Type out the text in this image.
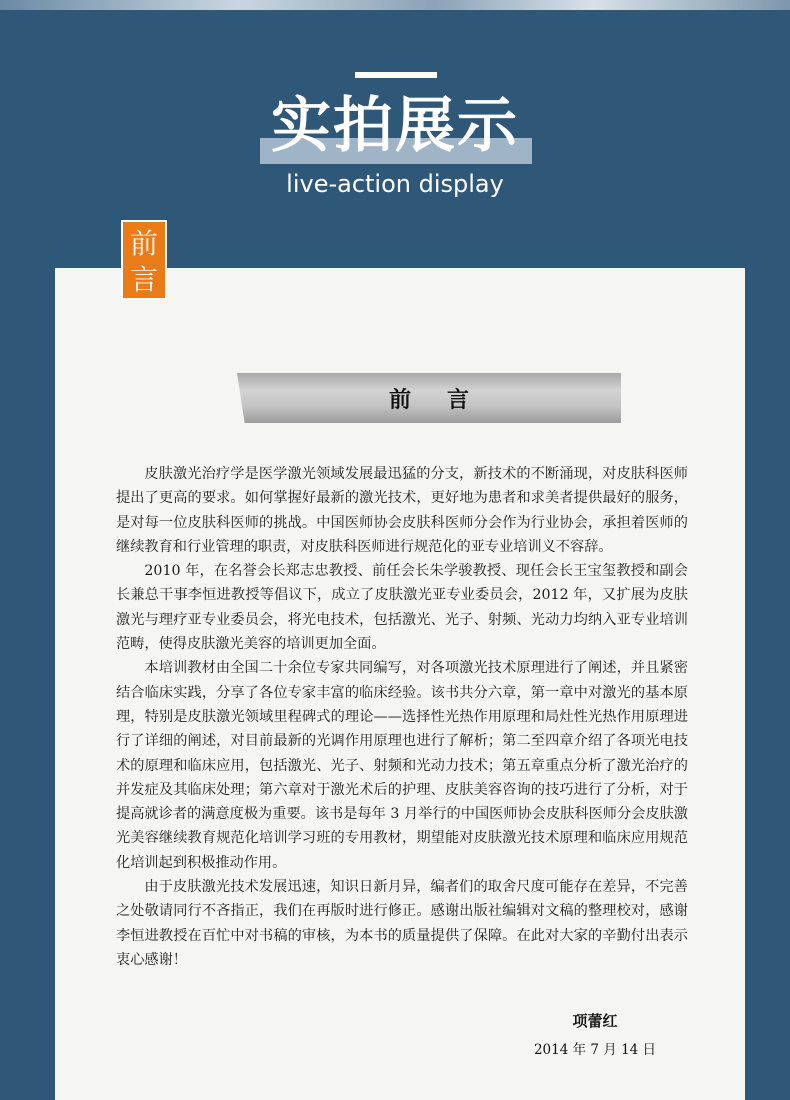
实拍展示
live-action display
前
言
前言

皮肤激光治疗学是医学激光领域发展最迅猛的分支，新技术的不断涌现，对皮肤科医师提出了更高的要求。如何掌握好最新的激光技术，更好地为患者和求美者提供最好的服务，是对每一位皮肤科医师的挑战。中国医师协会皮肤科医师分会作为行业协会，承担着医师的继续教育和行业管理的职责，对皮肤科医师进行规范化的亚专业培训义不容辞。

2010 年，在名誉会长郑志忠教授、前任会长朱学骏教授、现任会长王宝玺教授和副会长兼总干事李恒进教授等倡议下，成立了皮肤激光亚专业委员会，2012 年，又扩展为皮肤激光与理疗亚专业委员会，将光电技术，包括激光、光子、射频、光动力均纳入亚专业培训范畴，使得皮肤激光美容的培训更加全面。

本培训教材由全国二十余位专家共同编写，对各项激光技术原理进行了阐述，并且紧密结合临床实践，分享了各位专家丰富的临床经验。该书共分六章，第一章中对激光的基本原理，特别是皮肤激光领域里程碑式的理论——选择性光热作用原理和局灶性光热作用原理进行了详细的阐述，对目前最新的光调作用原理也进行了解析；第二至四章介绍了各项光电技术的原理和临床应用，包括激光、光子、射频和光动力技术；第五章重点分析了激光治疗的并发症及其临床处理；第六章对于激光术后的护理、皮肤美容咨询的技巧进行了分析，对于提高就诊者的满意度极为重要。该书是每年 3 月举行的中国医师协会皮肤科医师分会皮肤激光美容继续教育规范化培训学习班的专用教材，期望能对皮肤激光技术原理和临床应用规范化培训起到积极推动作用。

由于皮肤激光技术发展迅速，知识日新月异，编者们的取舍尺度可能存在差异，不完善之处敬请同行不吝指正，我们在再版时进行修正。感谢出版社编辑对文稿的整理校对，感谢李恒进教授在百忙中对书稿的审核，为本书的质量提供了保障。在此对大家的辛勤付出表示衷心感谢！

项蕾红
2014 年 7 月 14 日
